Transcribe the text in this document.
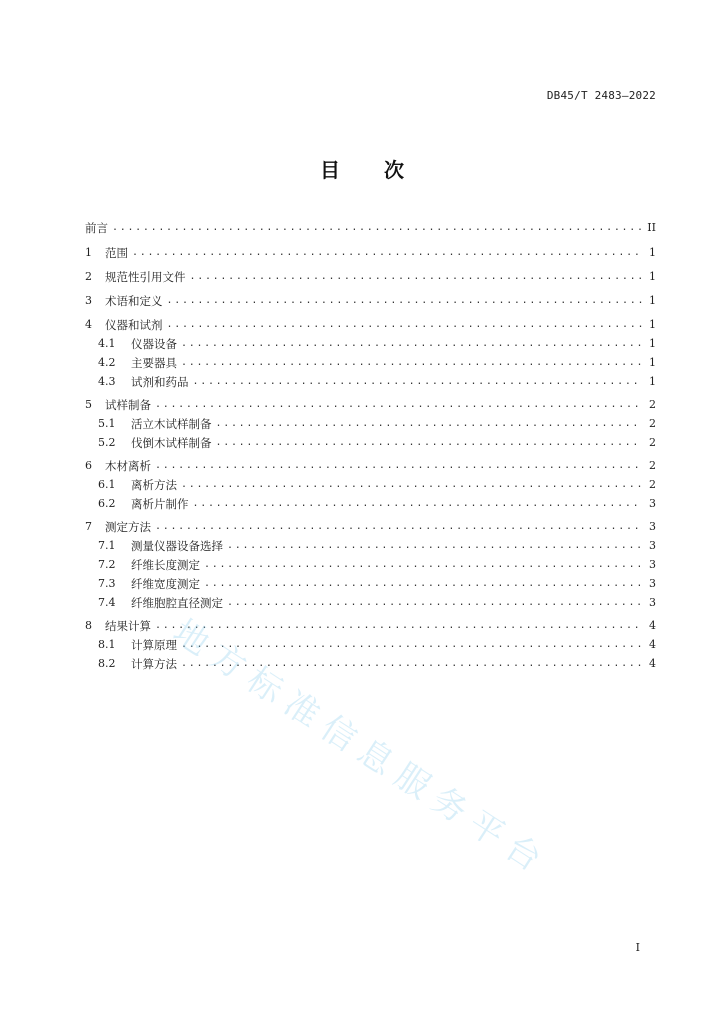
DB45/T 2483—2022
目 次
前言 .....	II
1	范围 .....	1
2	规范性引用文件 .....	1
3	术语和定义 .....	1
4	仪器和试剂 .....	1
4.1	仪器设备 .....	1
4.2	主要器具 .....	1
4.3	试剂和药品 .....	1
5	试样制备 .....	2
5.1	活立木试样制备 .....	2
5.2	伐倒木试样制备 .....	2
6	木材离析 .....	2
6.1	离析方法 .....	2
6.2	离析片制作 .....	3
7	测定方法 .....	3
7.1	测量仪器设备选择 .....	3
7.2	纤维长度测定 .....	3
7.3	纤维宽度测定 .....	3
7.4	纤维胞腔直径测定 .....	3
8	结果计算 .....	4
8.1	计算原理 .....	4
8.2	计算方法 .....	4
地方标准信息服务平台
I
